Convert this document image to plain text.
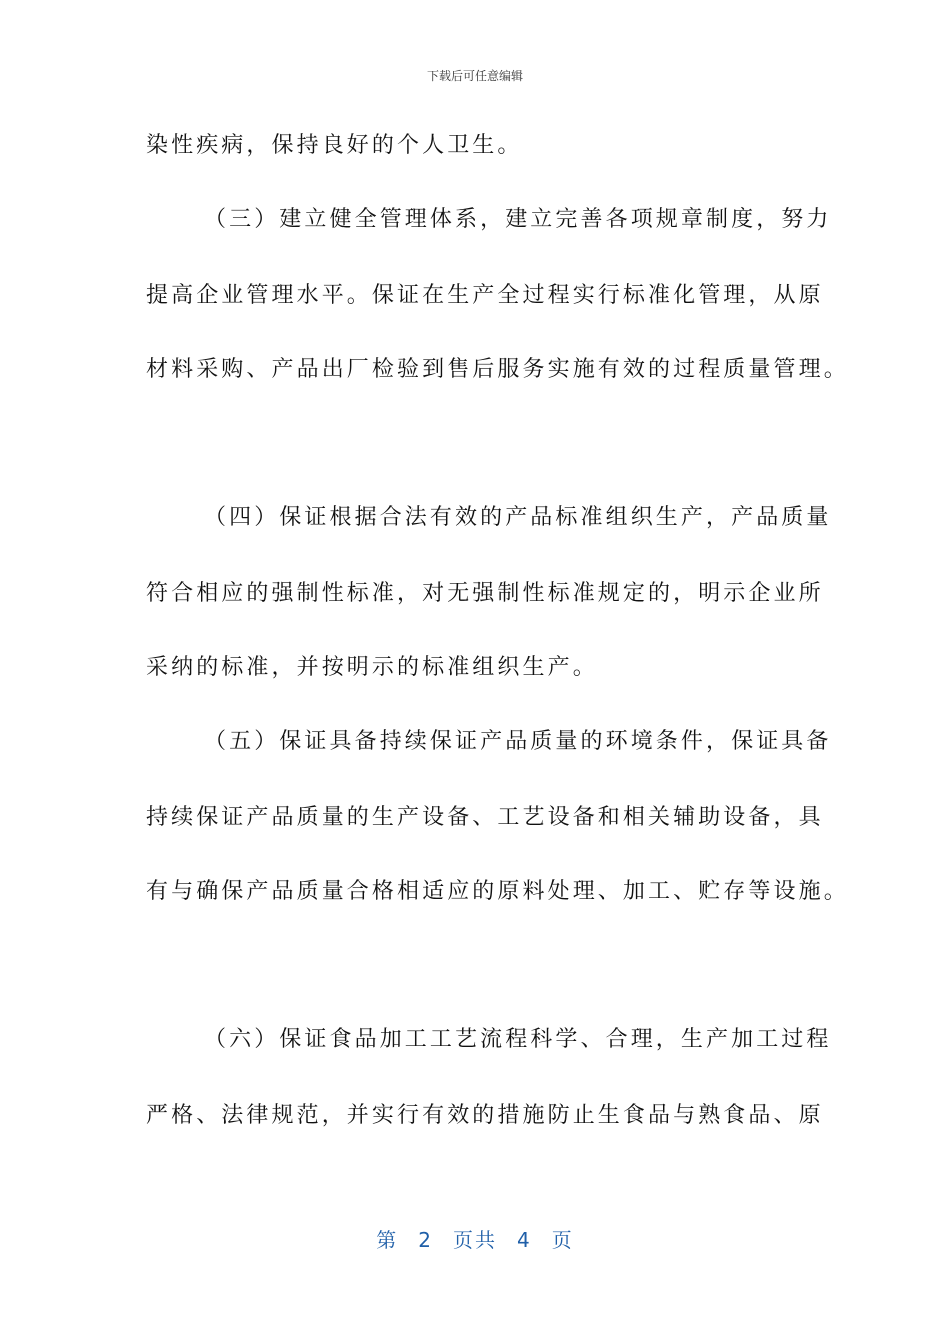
下载后可任意编辑
染性疾病，保持良好的个人卫生。
（三）建立健全管理体系，建立完善各项规章制度，努力
提高企业管理水平。保证在生产全过程实行标准化管理，从原
材料采购、产品出厂检验到售后服务实施有效的过程质量管理。
（四）保证根据合法有效的产品标准组织生产，产品质量
符合相应的强制性标准，对无强制性标准规定的，明示企业所
采纳的标准，并按明示的标准组织生产。
（五）保证具备持续保证产品质量的环境条件，保证具备
持续保证产品质量的生产设备、工艺设备和相关辅助设备，具
有与确保产品质量合格相适应的原料处理、加工、贮存等设施。
（六）保证食品加工工艺流程科学、合理，生产加工过程
严格、法律规范，并实行有效的措施防止生食品与熟食品、原
第 2 页共 4 页
